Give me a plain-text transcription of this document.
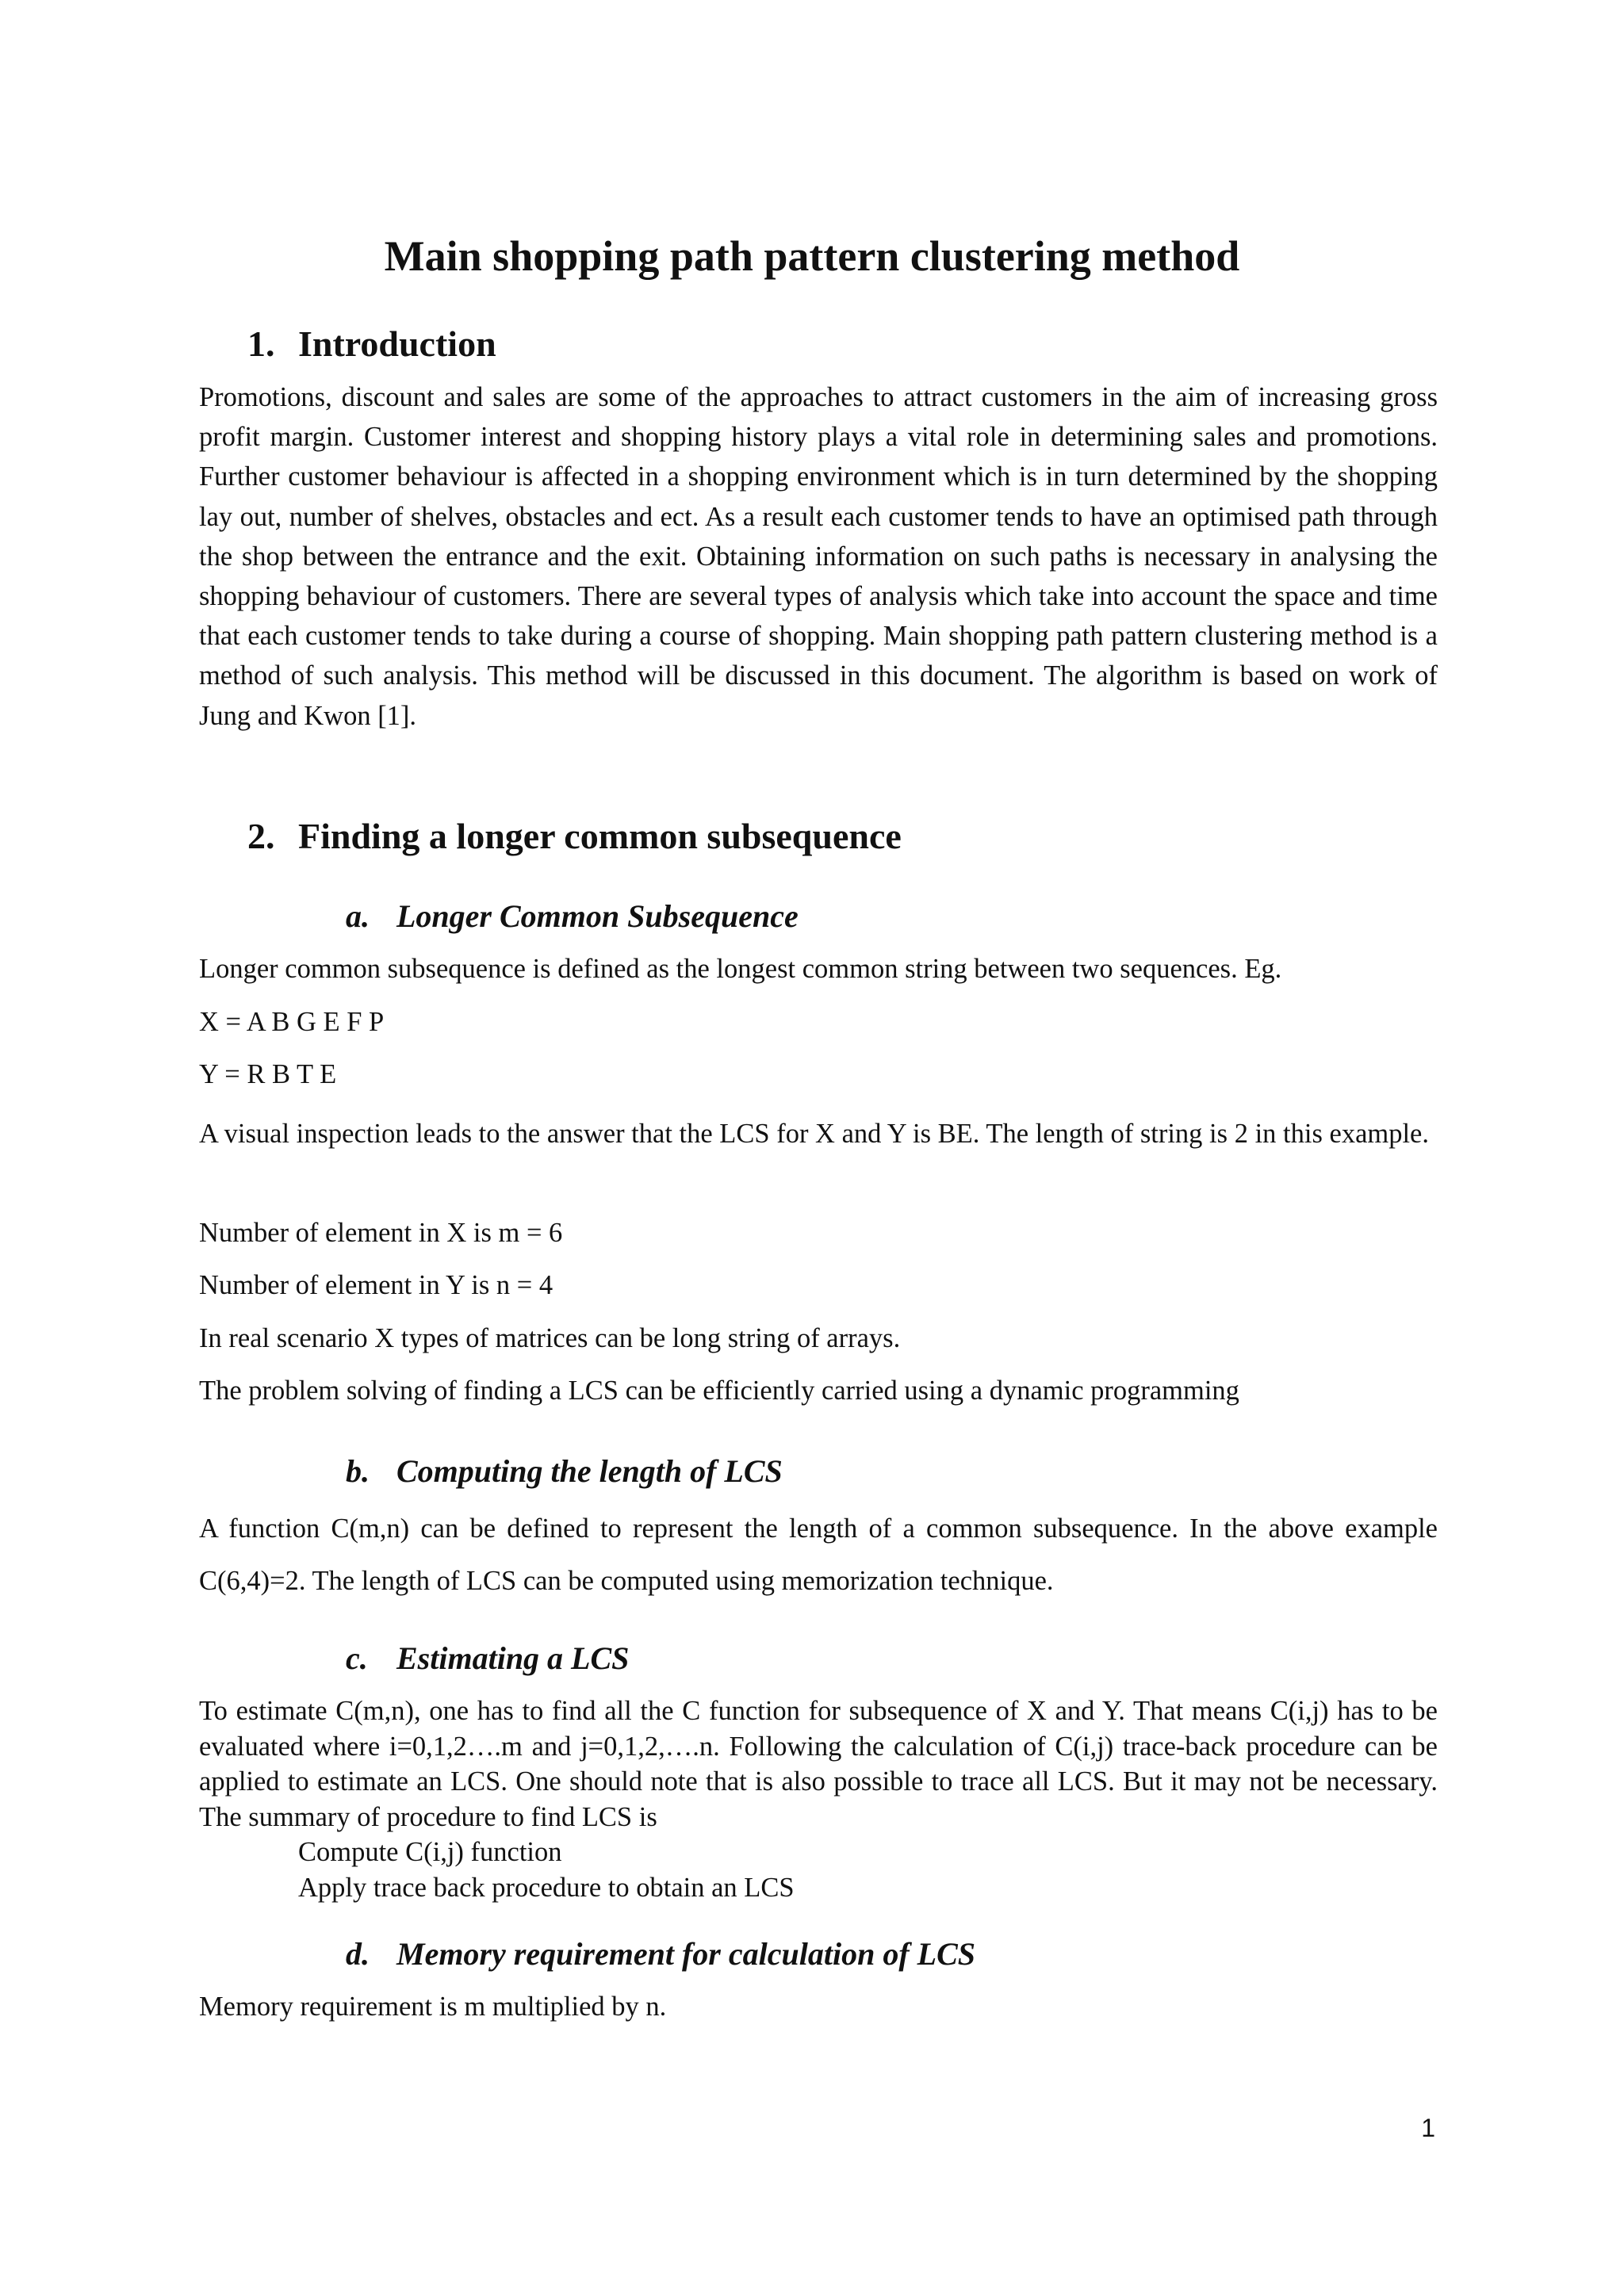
Main shopping path pattern clustering method
1. Introduction

Promotions, discount and sales are some of the approaches to attract customers in the aim of increasing gross profit margin. Customer interest and shopping history plays a vital role in determining sales and promotions. Further customer behaviour is affected in a shopping environment which is in turn determined by the shopping lay out, number of shelves, obstacles and ect. As a result each customer tends to have an optimised path through the shop between the entrance and the exit. Obtaining information on such paths is necessary in analysing the shopping behaviour of customers. There are several types of analysis which take into account the space and time that each customer tends to take during a course of shopping. Main shopping path pattern clustering method is a method of such analysis. This method will be discussed in this document. The algorithm is based on work of Jung and Kwon [1].

2. Finding a longer common subsequence
a. Longer Common Subsequence

Longer common subsequence is defined as the longest common string between two sequences. Eg.

X = A B G E F P

Y = R B T E

A visual inspection leads to the answer that the LCS for X and Y is BE. The length of string is 2 in this example.

Number of element in X is m = 6

Number of element in Y is n = 4

In real scenario X types of matrices can be long string of arrays.

The problem solving of finding a LCS can be efficiently carried using a dynamic programming

b. Computing the length of LCS

A function C(m,n) can be defined to represent the length of a common subsequence. In the above example C(6,4)=2. The length of LCS can be computed using memorization technique.

c. Estimating a LCS

To estimate C(m,n), one has to find all the C function for subsequence of X and Y. That means C(i,j) has to be evaluated where i=0,1,2….m and j=0,1,2,….n. Following the calculation of C(i,j) trace-back procedure can be applied to estimate an LCS. One should note that is also possible to trace all LCS. But it may not be necessary. The summary of procedure to find LCS is

Compute C(i,j) function

Apply trace back procedure to obtain an LCS

d. Memory requirement for calculation of LCS

Memory requirement is m multiplied by n.

1
